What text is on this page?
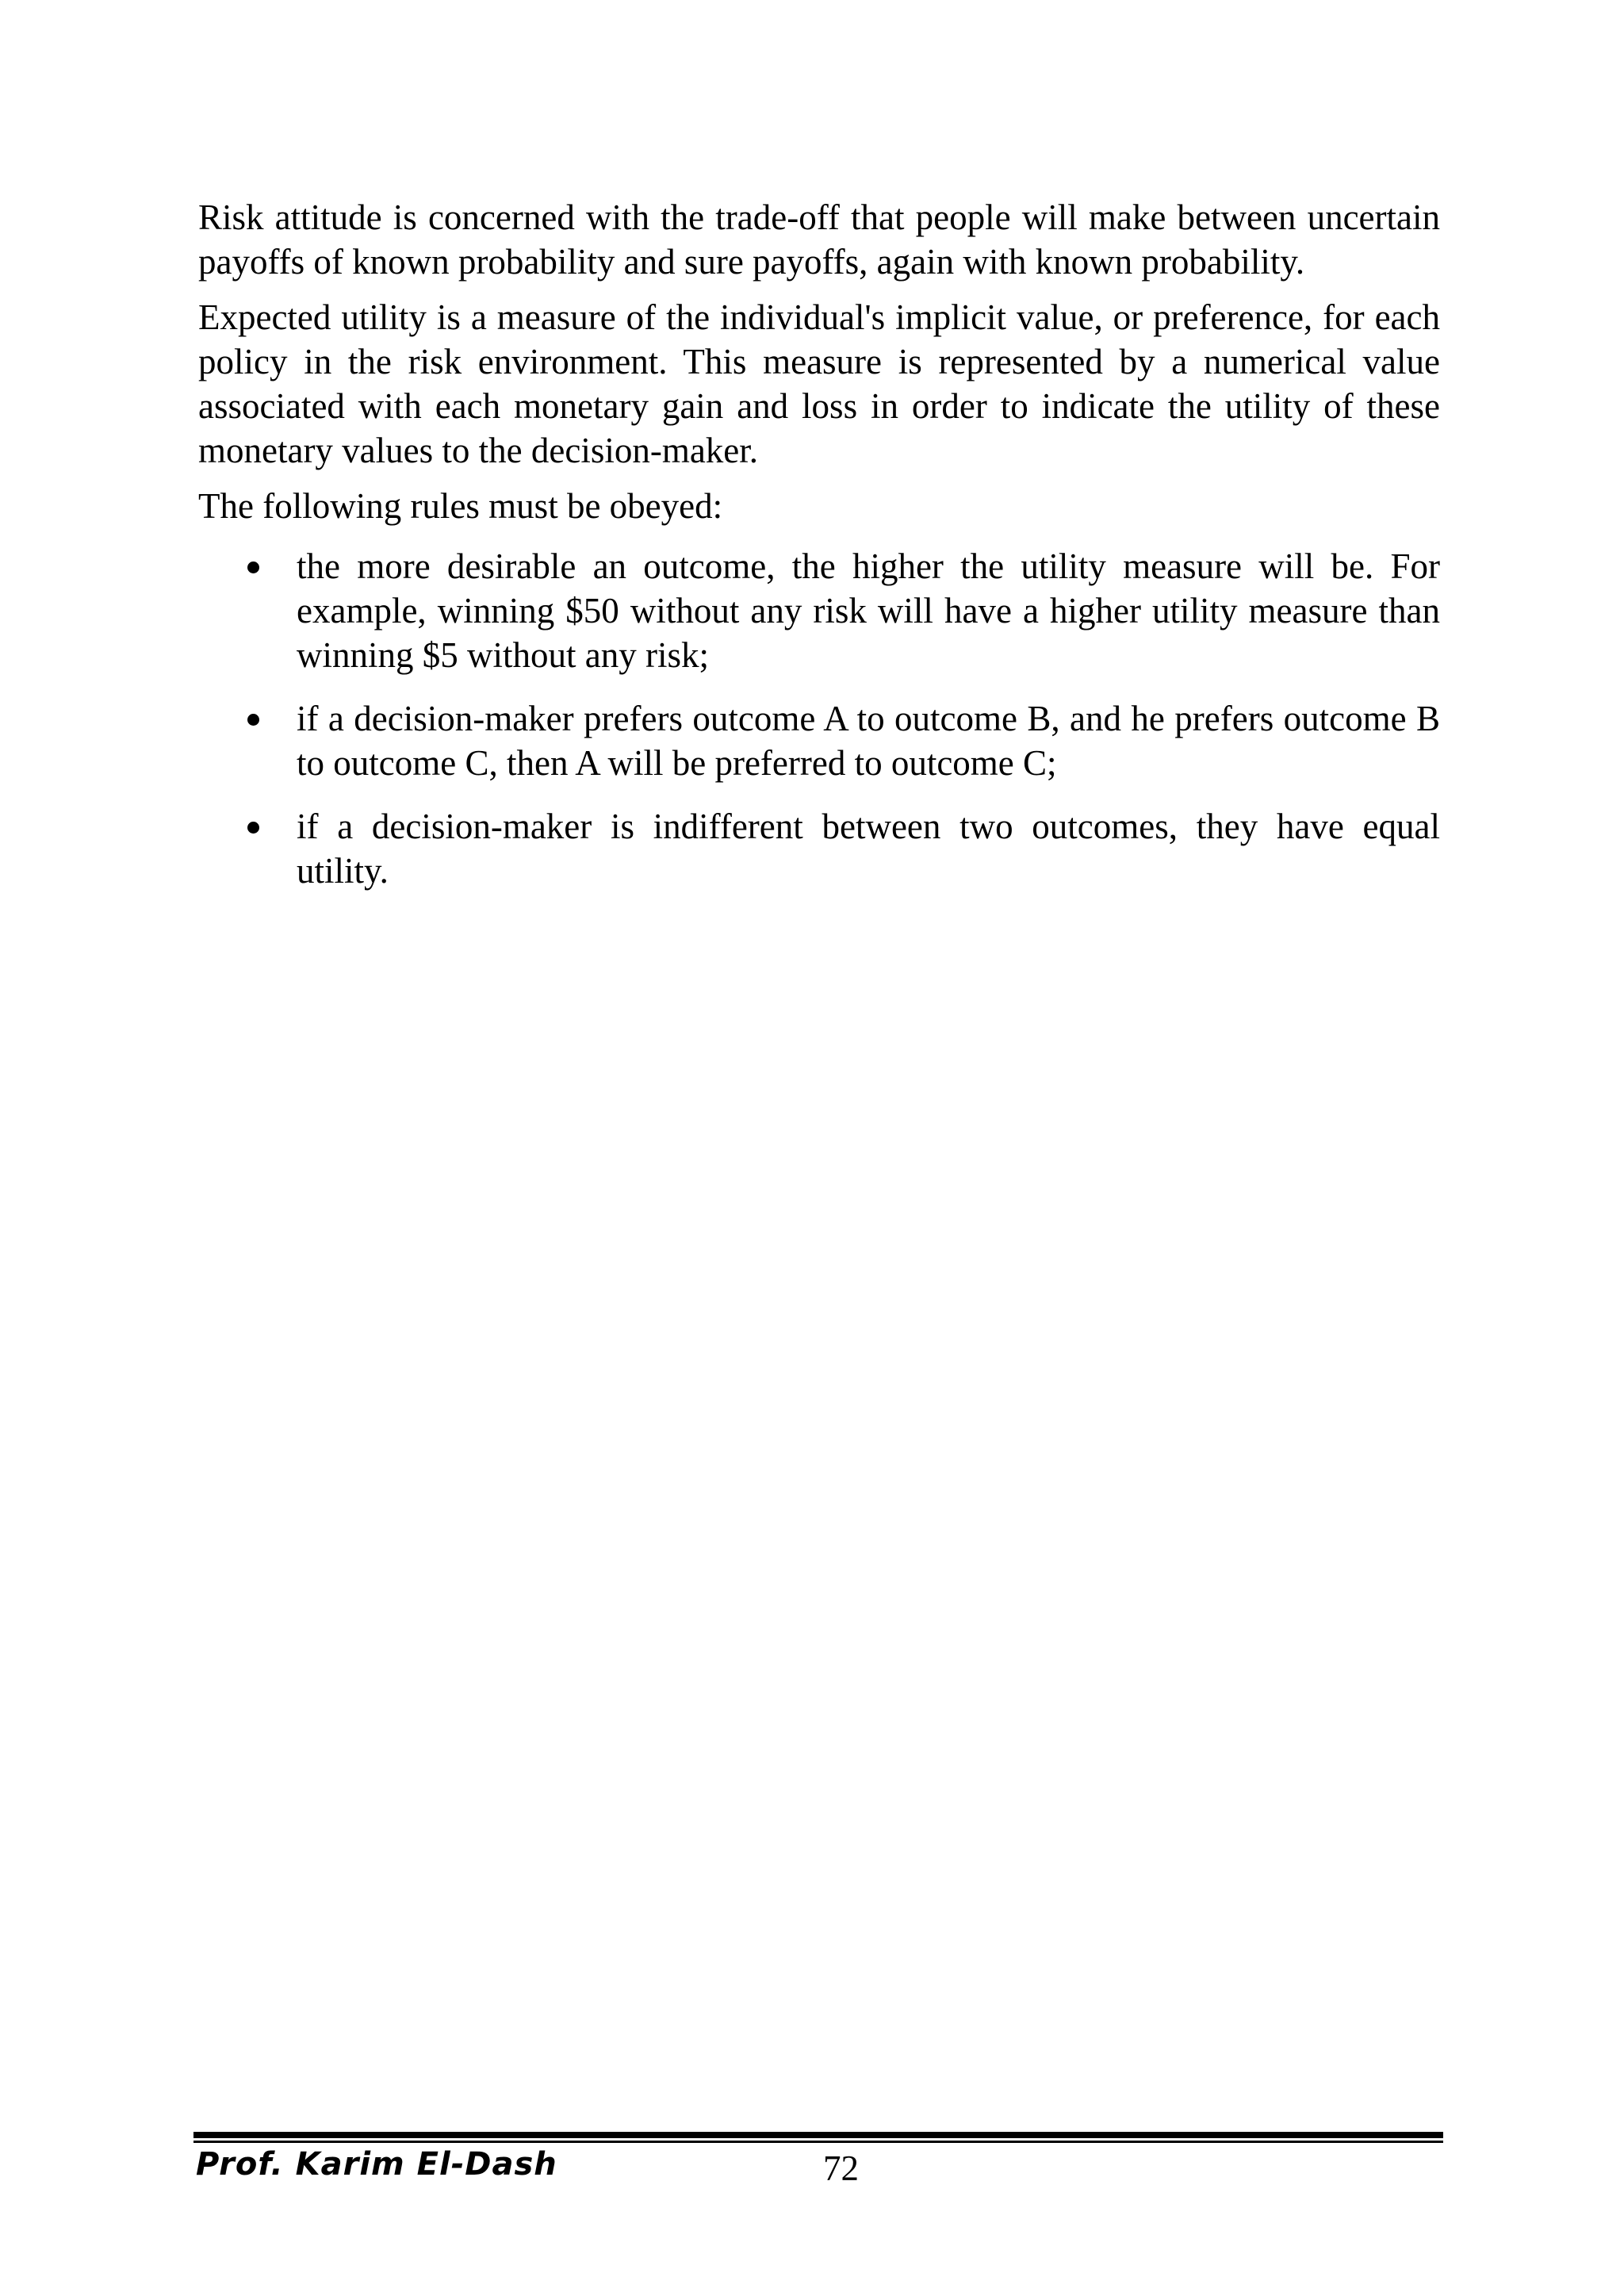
Risk attitude is concerned with the trade-off that people will make between uncertain payoffs of known probability and sure payoffs, again with known probability.

Expected utility is a measure of the individual's implicit value, or preference, for each policy in the risk environment. This measure is represented by a numerical value associated with each monetary gain and loss in order to indicate the utility of these monetary values to the decision-maker.

The following rules must be obeyed:

the more desirable an outcome, the higher the utility measure will be. For example, winning $50 without any risk will have a higher utility measure than winning $5 without any risk;
if a decision-maker prefers outcome A to outcome B, and he prefers outcome B to outcome C, then A will be preferred to outcome C;
if a decision-maker is indifferent between two outcomes, they have equal utility.
Prof. Karim El-Dash	72
